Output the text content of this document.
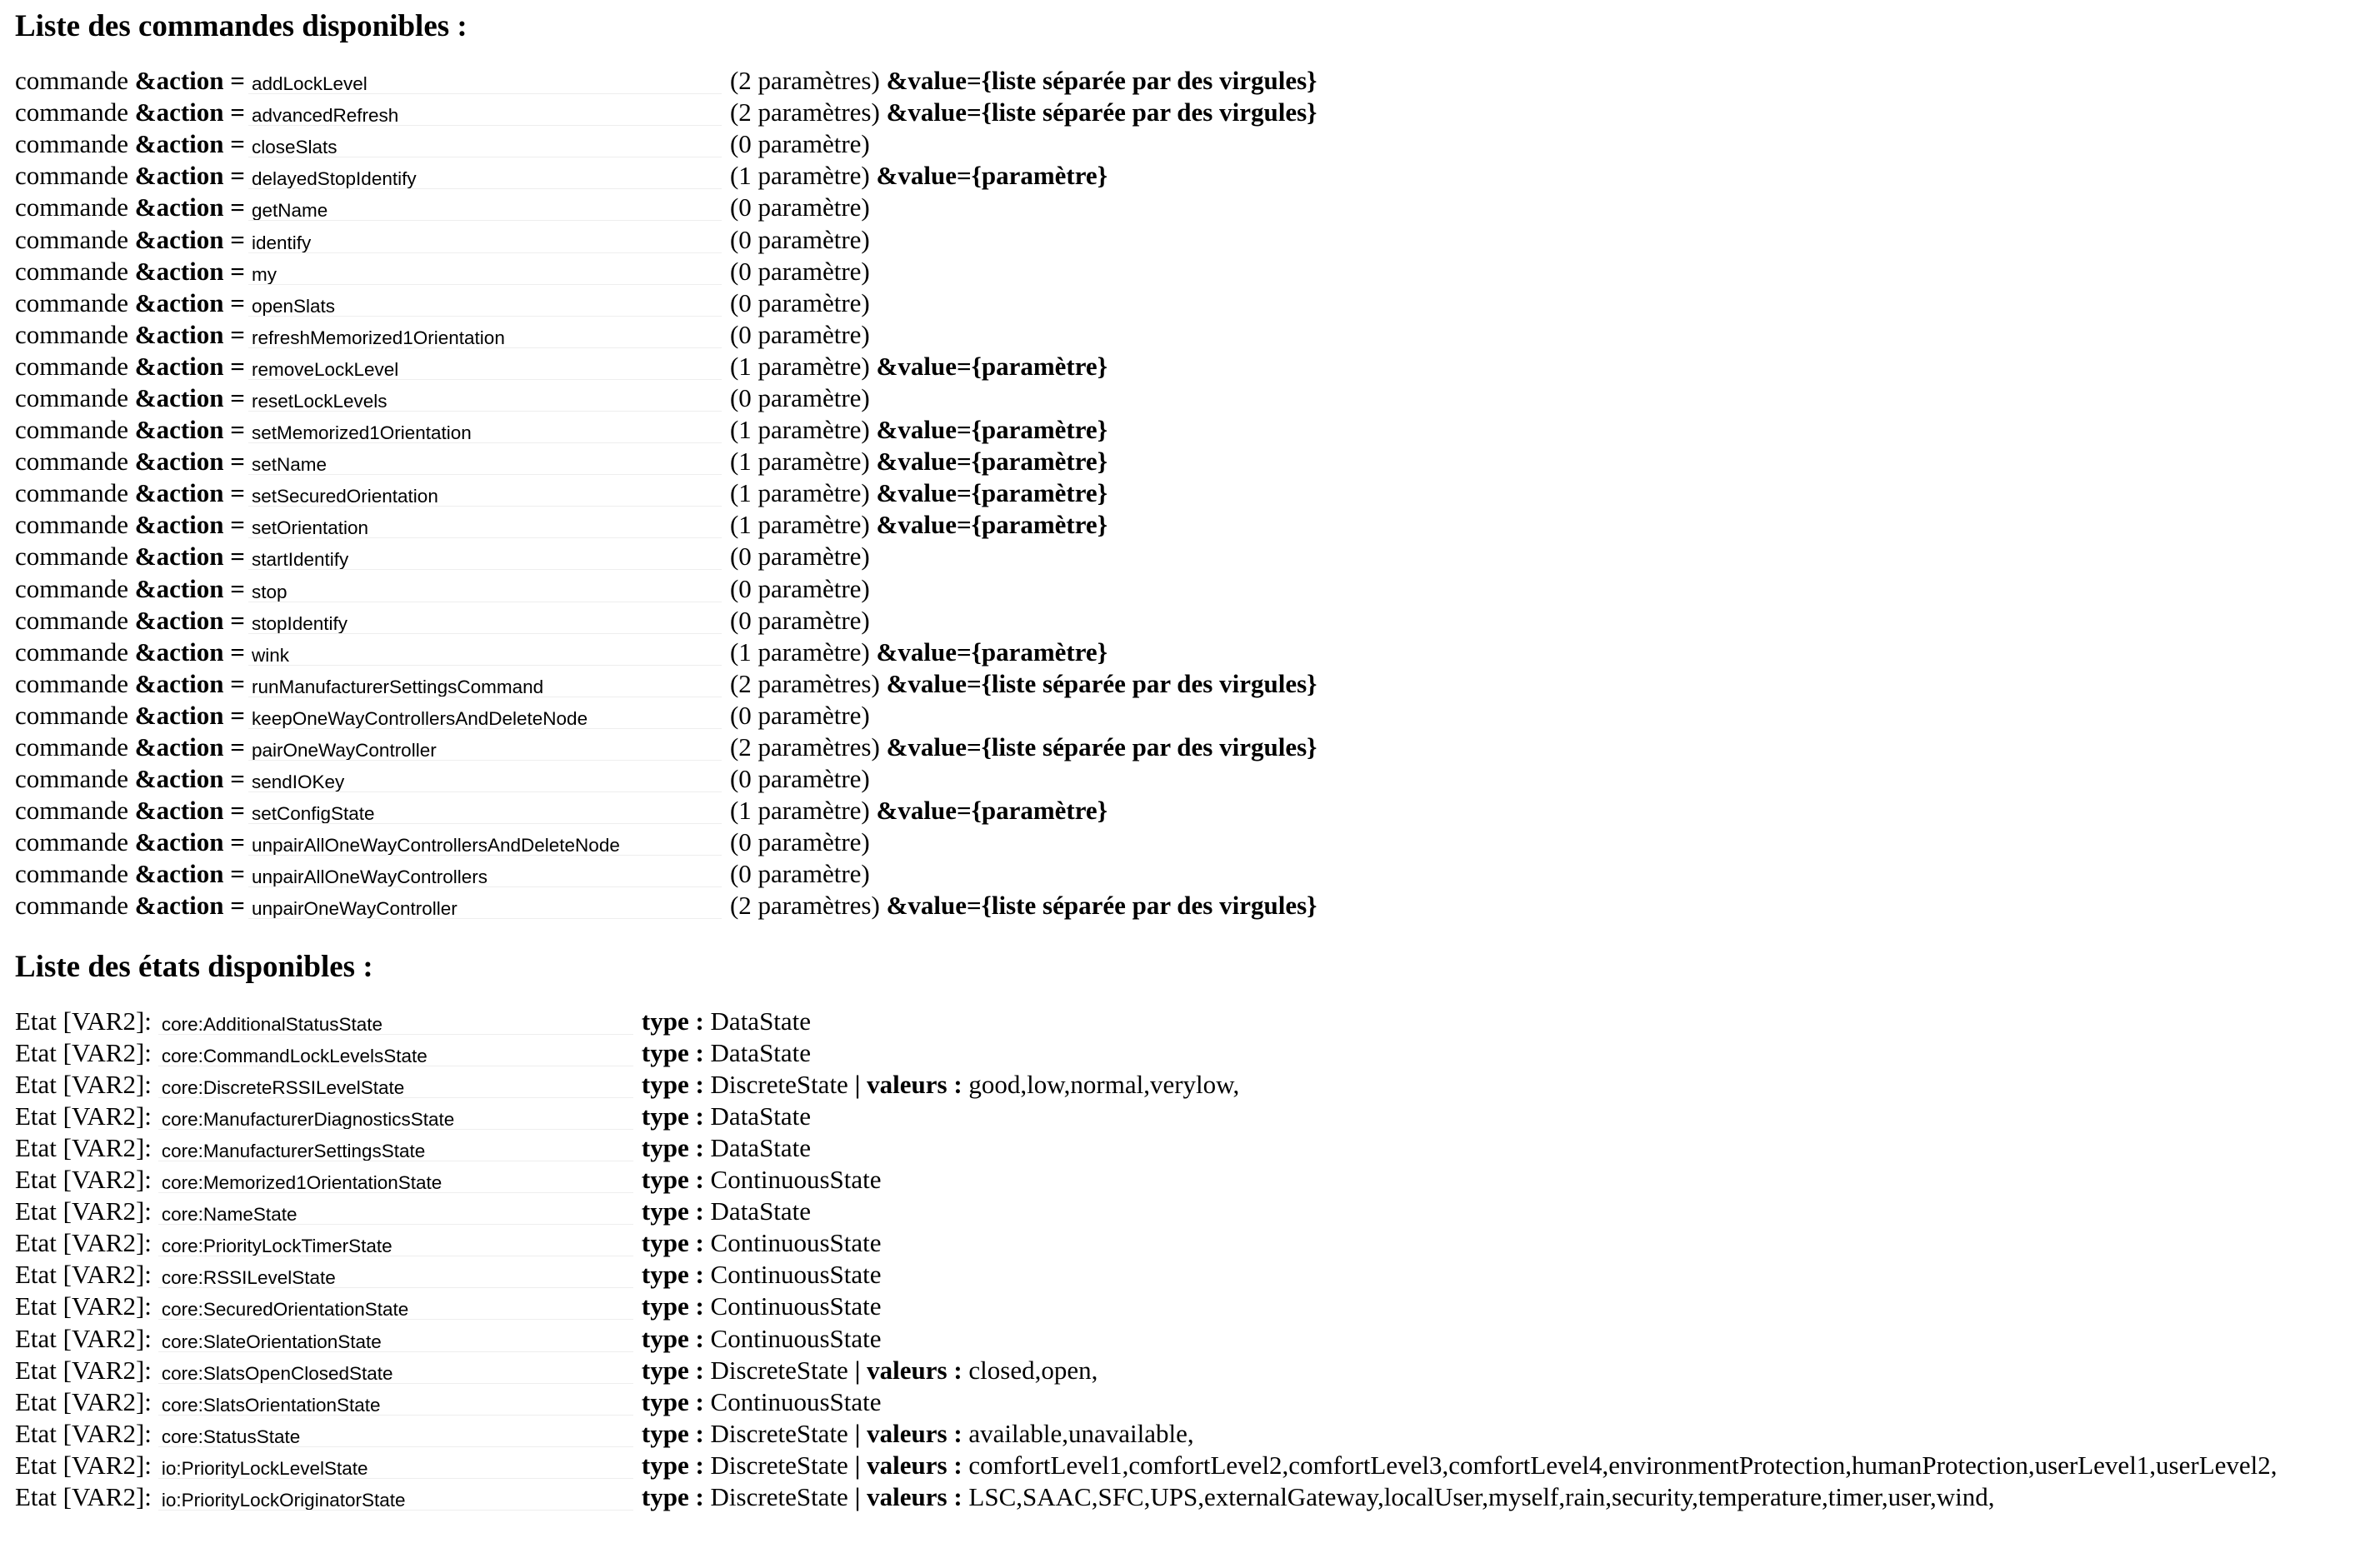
Liste des commandes disponibles :
commande &action = addLockLevel	(2 paramètres) &value={liste séparée par des virgules}
commande &action = advancedRefresh	(2 paramètres) &value={liste séparée par des virgules}
commande &action = closeSlats	(0 paramètre)
commande &action = delayedStopIdentify	(1 paramètre) &value={paramètre}
commande &action = getName	(0 paramètre)
commande &action = identify	(0 paramètre)
commande &action = my	(0 paramètre)
commande &action = openSlats	(0 paramètre)
commande &action = refreshMemorized1Orientation	(0 paramètre)
commande &action = removeLockLevel	(1 paramètre) &value={paramètre}
commande &action = resetLockLevels	(0 paramètre)
commande &action = setMemorized1Orientation	(1 paramètre) &value={paramètre}
commande &action = setName	(1 paramètre) &value={paramètre}
commande &action = setSecuredOrientation	(1 paramètre) &value={paramètre}
commande &action = setOrientation	(1 paramètre) &value={paramètre}
commande &action = startIdentify	(0 paramètre)
commande &action = stop	(0 paramètre)
commande &action = stopIdentify	(0 paramètre)
commande &action = wink	(1 paramètre) &value={paramètre}
commande &action = runManufacturerSettingsCommand	(2 paramètres) &value={liste séparée par des virgules}
commande &action = keepOneWayControllersAndDeleteNode	(0 paramètre)
commande &action = pairOneWayController	(2 paramètres) &value={liste séparée par des virgules}
commande &action = sendIOKey	(0 paramètre)
commande &action = setConfigState	(1 paramètre) &value={paramètre}
commande &action = unpairAllOneWayControllersAndDeleteNode	(0 paramètre)
commande &action = unpairAllOneWayControllers	(0 paramètre)
commande &action = unpairOneWayController	(2 paramètres) &value={liste séparée par des virgules}
Liste des états disponibles :
Etat [VAR2]: core:AdditionalStatusState	type : DataState
Etat [VAR2]: core:CommandLockLevelsState	type : DataState
Etat [VAR2]: core:DiscreteRSSILevelState	type : DiscreteState | valeurs : good,low,normal,verylow,
Etat [VAR2]: core:ManufacturerDiagnosticsState	type : DataState
Etat [VAR2]: core:ManufacturerSettingsState	type : DataState
Etat [VAR2]: core:Memorized1OrientationState	type : ContinuousState
Etat [VAR2]: core:NameState	type : DataState
Etat [VAR2]: core:PriorityLockTimerState	type : ContinuousState
Etat [VAR2]: core:RSSILevelState	type : ContinuousState
Etat [VAR2]: core:SecuredOrientationState	type : ContinuousState
Etat [VAR2]: core:SlateOrientationState	type : ContinuousState
Etat [VAR2]: core:SlatsOpenClosedState	type : DiscreteState | valeurs : closed,open,
Etat [VAR2]: core:SlatsOrientationState	type : ContinuousState
Etat [VAR2]: core:StatusState	type : DiscreteState | valeurs : available,unavailable,
Etat [VAR2]: io:PriorityLockLevelState	type : DiscreteState | valeurs : comfortLevel1,comfortLevel2,comfortLevel3,comfortLevel4,environmentProtection,humanProtection,userLevel1,userLevel2,
Etat [VAR2]: io:PriorityLockOriginatorState	type : DiscreteState | valeurs : LSC,SAAC,SFC,UPS,externalGateway,localUser,myself,rain,security,temperature,timer,user,wind,
